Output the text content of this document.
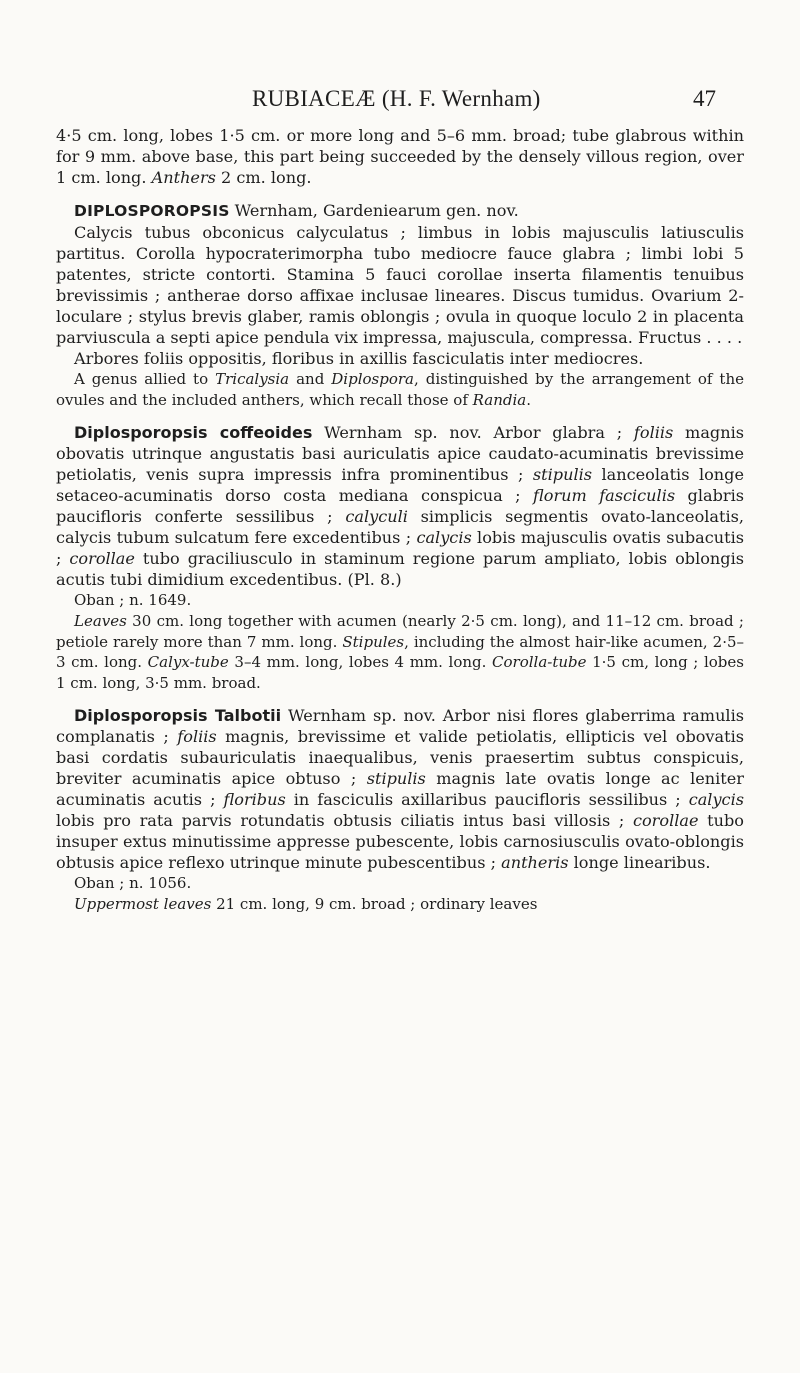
RUBIACEÆ (H. F. Wernham)	47

4·5 cm. long, lobes 1·5 cm. or more long and 5–6 mm. broad; tube glabrous within for 9 mm. above base, this part being succeeded by the densely villous region, over 1 cm. long. Anthers 2 cm. long.

DIPLOSPOROPSIS Wernham, Gardeniearum gen. nov.

Calycis tubus obconicus calyculatus ; limbus in lobis majusculis latiusculis partitus. Corolla hypocraterimorpha tubo mediocre fauce glabra ; limbi lobi 5 patentes, stricte contorti. Stamina 5 fauci corollae inserta filamentis tenuibus brevissimis ; antherae dorso affixae inclusae lineares. Discus tumidus. Ovarium 2-loculare ; stylus brevis glaber, ramis oblongis ; ovula in quoque loculo 2 in placenta parviuscula a septi apice pendula vix impressa, majuscula, compressa. Fructus . . . .

Arbores foliis oppositis, floribus in axillis fasciculatis inter mediocres.

A genus allied to Tricalysia and Diplospora, distinguished by the arrangement of the ovules and the included anthers, which recall those of Randia.

Diplosporopsis coffeoides Wernham sp. nov. Arbor glabra ; foliis magnis obovatis utrinque angustatis basi auriculatis apice caudato-acuminatis brevissime petiolatis, venis supra impressis infra prominentibus ; stipulis lanceolatis longe setaceo-acuminatis dorso costa mediana conspicua ; florum fasciculis glabris paucifloris conferte sessilibus ; calyculi simplicis segmentis ovato-lanceolatis, calycis tubum sulcatum fere excedentibus ; calycis lobis majusculis ovatis subacutis ; corollae tubo graciliusculo in staminum regione parum ampliato, lobis oblongis acutis tubi dimidium excedentibus. (Pl. 8.)

Oban ; n. 1649.

Leaves 30 cm. long together with acumen (nearly 2·5 cm. long), and 11–12 cm. broad ; petiole rarely more than 7 mm. long. Stipules, including the almost hair-like acumen, 2·5–3 cm. long. Calyx-tube 3–4 mm. long, lobes 4 mm. long. Corolla-tube 1·5 cm, long ; lobes 1 cm. long, 3·5 mm. broad.

Diplosporopsis Talbotii Wernham sp. nov. Arbor nisi flores glaberrima ramulis complanatis ; foliis magnis, brevissime et valide petiolatis, ellipticis vel obovatis basi cordatis subauriculatis inaequalibus, venis praesertim subtus conspicuis, breviter acuminatis apice obtuso ; stipulis magnis late ovatis longe ac leniter acuminatis acutis ; floribus in fasciculis axillaribus paucifloris sessilibus ; calycis lobis pro rata parvis rotundatis obtusis ciliatis intus basi villosis ; corollae tubo insuper extus minutissime appresse pubescente, lobis carnosiusculis ovato-oblongis obtusis apice reflexo utrinque minute pubescentibus ; antheris longe linearibus.

Oban ; n. 1056.

Uppermost leaves 21 cm. long, 9 cm. broad ; ordinary leaves
